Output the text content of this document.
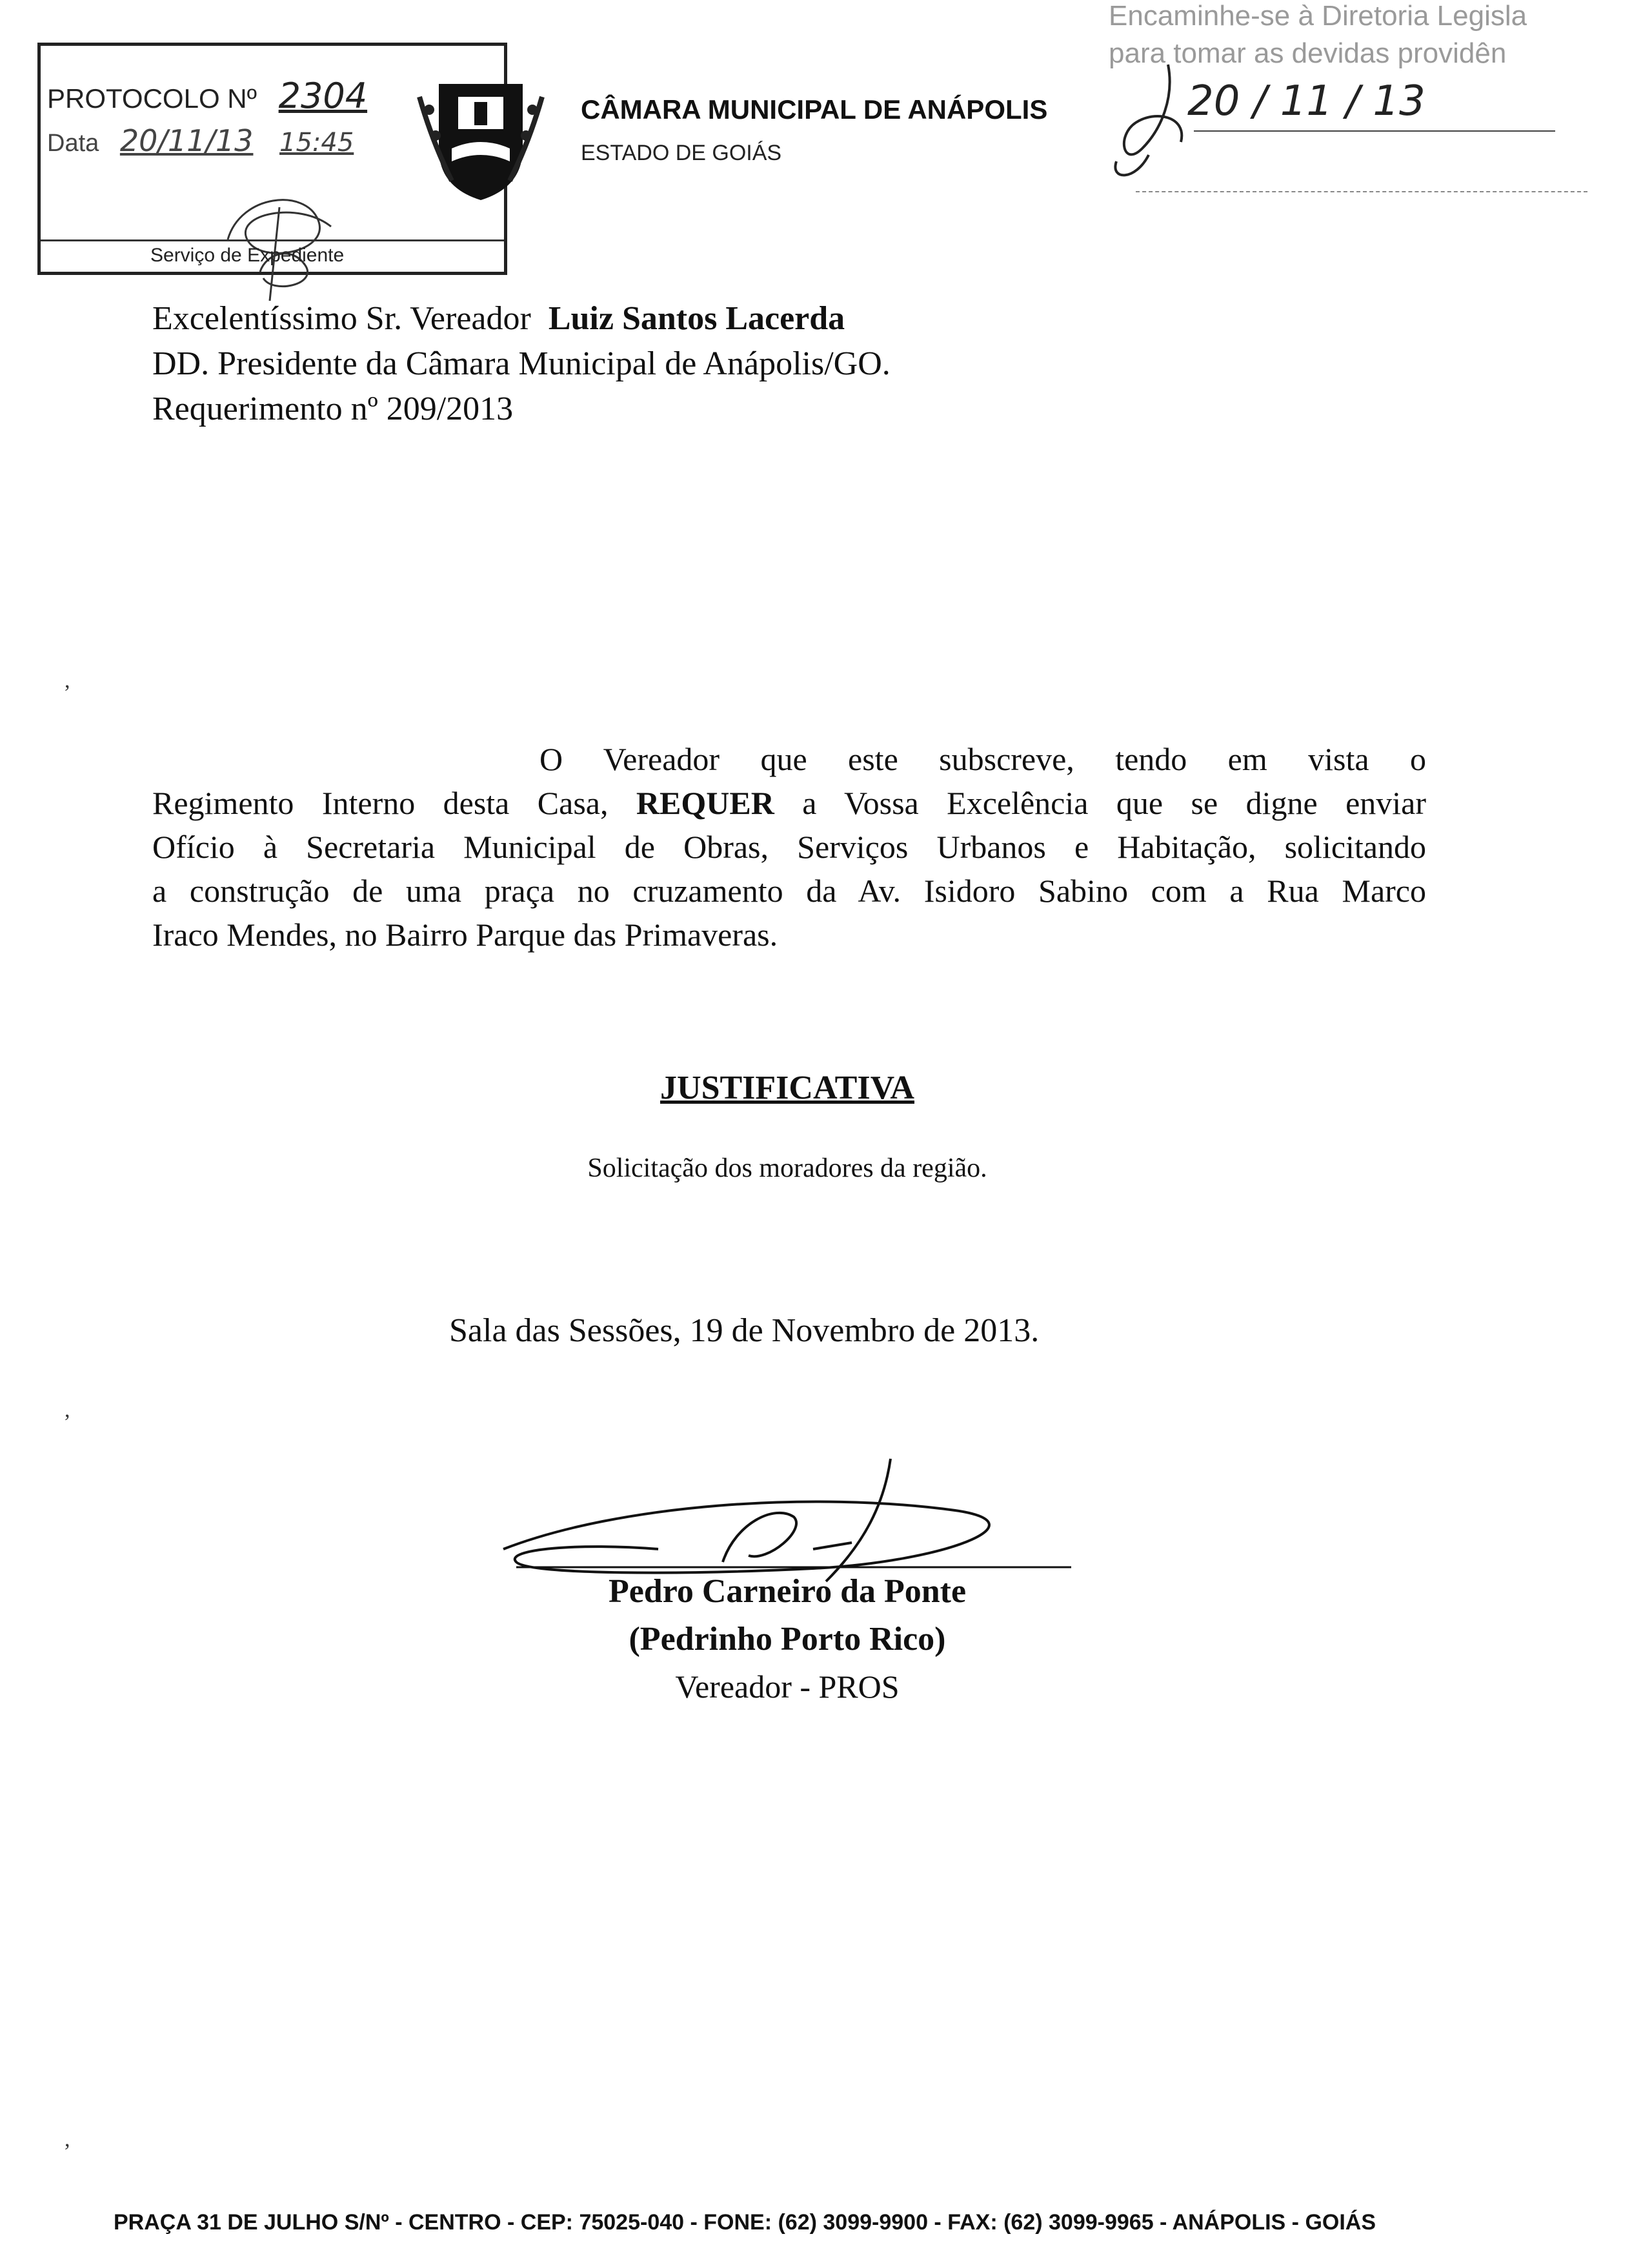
PROTOCOLO Nº 2304
Data 20/11/13 15:45
Serviço de Expediente
CÂMARA MUNICIPAL DE ANÁPOLIS
ESTADO DE GOIÁS
Encaminhe-se à Diretoria Legisla
para tomar as devidas providên
20 / 11 / 13
Excelentíssimo Sr. Vereador Luiz Santos Lacerda
DD. Presidente da Câmara Municipal de Anápolis/GO.
Requerimento nº 209/2013
,
,
,
O Vereador que este subscreve, tendo em vista o
Regimento Interno desta Casa, REQUER a Vossa Excelência que se digne enviar
Ofício à Secretaria Municipal de Obras, Serviços Urbanos e Habitação, solicitando
a construção de uma praça no cruzamento da Av. Isidoro Sabino com a Rua Marco
Iraco Mendes, no Bairro Parque das Primaveras.
JUSTIFICATIVA
Solicitação dos moradores da região.
Sala das Sessões, 19 de Novembro de 2013.
Pedro Carneiro da Ponte
(Pedrinho Porto Rico)
Vereador - PROS
PRAÇA 31 DE JULHO S/Nº - CENTRO - CEP: 75025-040 - FONE: (62) 3099-9900 - FAX: (62) 3099-9965 - ANÁPOLIS - GOIÁS
